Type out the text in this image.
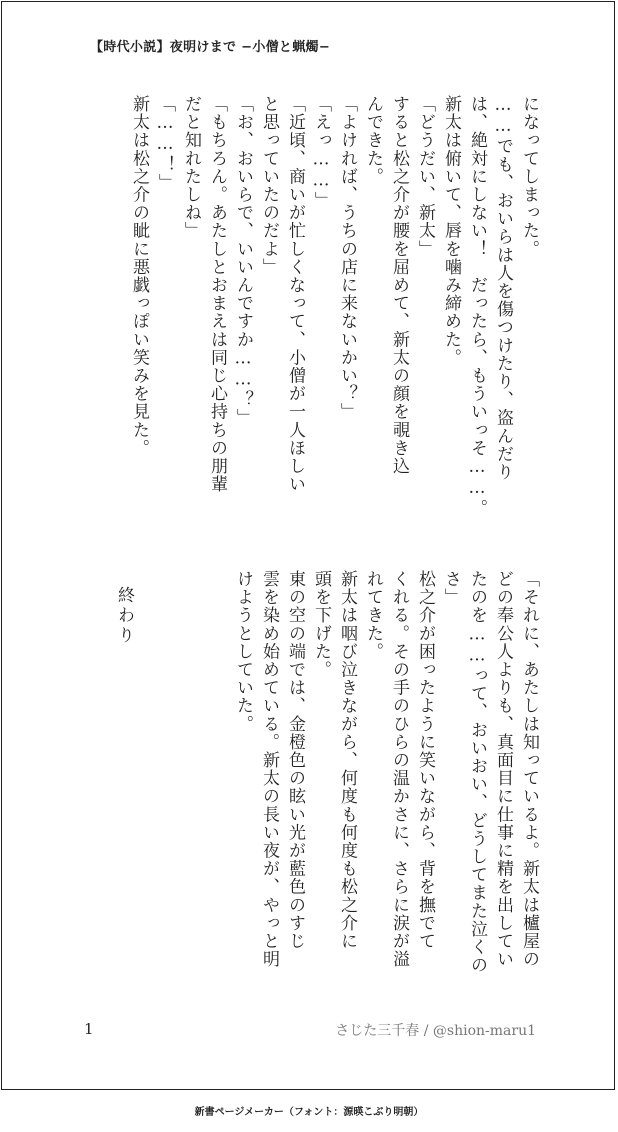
【時代小説】夜明けまで −小僧と蝋燭−

になってしまった。

……でも、おいらは人を傷つけたり、盗んだり

は、絶対にしない！　だったら、もういっそ……。

新太は俯いて、唇を噛み締めた。

「どうだい、新太」

すると松之介が腰を屈めて、新太の顔を覗き込

んできた。

「よければ、うちの店に来ないかい？」

「えっ……」

「近頃、商いが忙しくなって、小僧が一人ほしい

と思っていたのだよ」

「お、おいらで、いいんですか……？」

「もちろん。あたしとおまえは同じ心持ちの朋輩

だと知れたしね」

「……！」

新太は松之介の眦に悪戯っぽい笑みを見た。

「それに、あたしは知っているよ。新太は櫨屋の

どの奉公人よりも、真面目に仕事に精を出してい

たのを……って、おいおい、どうしてまた泣くの

さ」

松之介が困ったように笑いながら、背を撫でて

くれる。その手のひらの温かさに、さらに涙が溢

れてきた。

新太は咽び泣きながら、何度も何度も松之介に

頭を下げた。

東の空の端では、金橙色の眩い光が藍色のすじ

雲を染め始めている。新太の長い夜が、やっと明

けようとしていた。

終わり
1	さじた三千春 / @shion-maru1
新書ページメーカー（フォント：源暎こぶり明朝）
